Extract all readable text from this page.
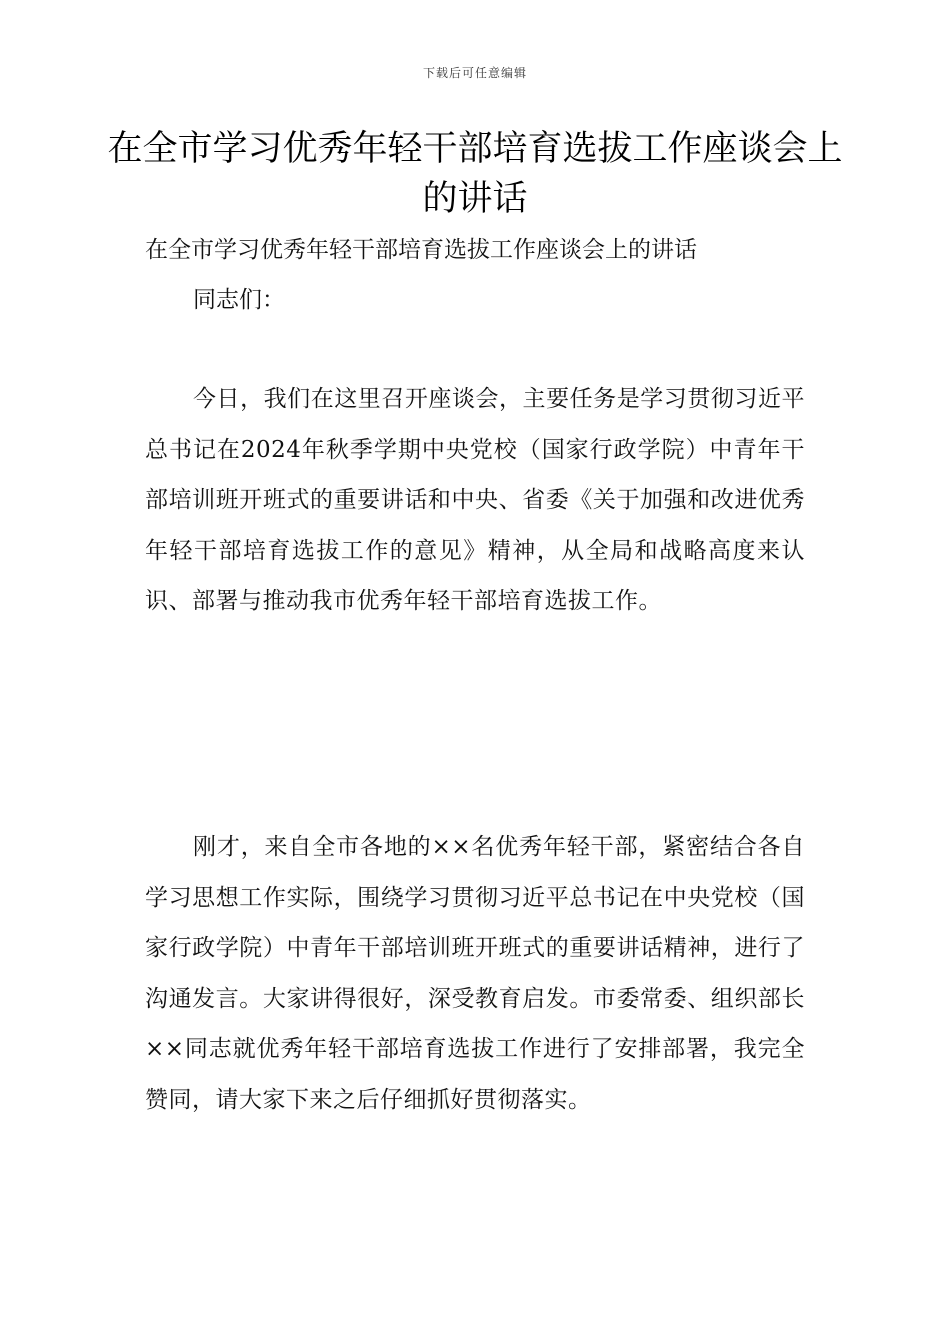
下载后可任意编辑
在全市学习优秀年轻干部培育选拔工作座谈会上的讲话
在全市学习优秀年轻干部培育选拔工作座谈会上的讲话
同志们：

今日，我们在这里召开座谈会，主要任务是学习贯彻习近平总书记在2024年秋季学期中央党校（国家行政学院）中青年干部培训班开班式的重要讲话和中央、省委《关于加强和改进优秀年轻干部培育选拔工作的意见》精神，从全局和战略高度来认识、部署与推动我市优秀年轻干部培育选拔工作。

刚才，来自全市各地的××名优秀年轻干部，紧密结合各自学习思想工作实际，围绕学习贯彻习近平总书记在中央党校（国家行政学院）中青年干部培训班开班式的重要讲话精神，进行了沟通发言。大家讲得很好，深受教育启发。市委常委、组织部长××同志就优秀年轻干部培育选拔工作进行了安排部署，我完全赞同，请大家下来之后仔细抓好贯彻落实。
